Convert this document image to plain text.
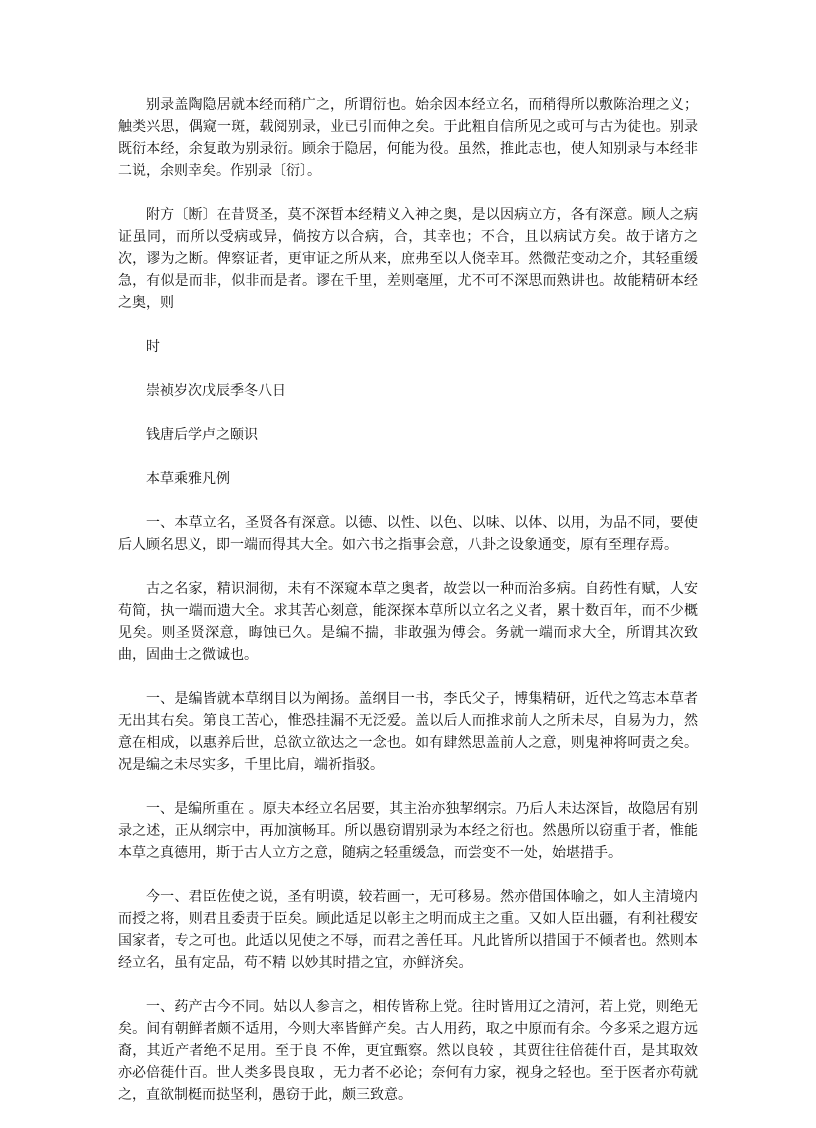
别录盖陶隐居就本经而稍广之，所谓衍也。始余因本经立名，而稍得所以敷陈治理之义；触类兴思，偶窥一斑，载阅别录，业已引而伸之矣。于此粗自信所见之或可与古为徒也。别录既衍本经，余复敢为别录衍。顾余于隐居，何能为役。虽然，推此志也，使人知别录与本经非二说，余则幸矣。作别录〔衍〕。

附方〔断〕在昔贤圣，莫不深晢本经精义入神之奥，是以因病立方，各有深意。顾人之病证虽同，而所以受病或异，倘按方以合病，合，其幸也；不合，且以病试方矣。故于诸方之次，谬为之断。俾察证者，更审证之所从来，庶弗至以人侥幸耳。然微茫变动之介，其轻重缓急，有似是而非，似非而是者。谬在千里，差则毫厘，尤不可不深思而熟讲也。故能精研本经之奥，则

时

崇祯岁次戊辰季冬八日

钱唐后学卢之颐识

本草乘雅凡例

一、本草立名，圣贤各有深意。以德、以性、以色、以味、以体、以用，为品不同，要使后人顾名思义，即一端而得其大全。如六书之指事会意，八卦之设象通变，原有至理存焉。

古之名家，精识洞彻，未有不深窥本草之奥者，故尝以一种而治多病。自药性有赋，人安苟简，执一端而遗大全。求其苦心刻意，能深探本草所以立名之义者，累十数百年，而不少概见矣。则圣贤深意，晦蚀已久。是编不揣，非敢强为傅会。务就一端而求大全，所谓其次致曲，固曲士之微诚也。

一、是编皆就本草纲目以为阐扬。盖纲目一书，李氏父子，博集精研，近代之笃志本草者无出其右矣。第良工苦心，惟恐挂漏不无泛爱。盖以后人而推求前人之所未尽，自易为力，然意在相成，以惠养后世，总欲立欲达之一念也。如有肆然思盖前人之意，则鬼神将呵责之矣。况是编之未尽实多，千里比肩，端祈指驳。

一、是编所重在 。原夫本经立名居要，其主治亦独挈纲宗。乃后人未达深旨，故隐居有别录之述，正从纲宗中，再加演畅耳。所以愚窃谓别录为本经之衍也。然愚所以窃重于者，惟能 本草之真德用，斯于古人立方之意，随病之轻重缓急，而尝变不一处，始堪措手。

今一、君臣佐使之说，圣有明谟，较若画一，无可移易。然亦借国体喻之，如人主清境内而授之将，则君且委责于臣矣。顾此适足以彰主之明而成主之重。又如人臣出疆，有利社稷安国家者，专之可也。此适以见使之不辱，而君之善任耳。凡此皆所以措国于不倾者也。然则本经立名，虽有定品，苟不精 以妙其时措之宜，亦鲜济矣。

一、药产古今不同。姑以人参言之，相传皆称上党。往时皆用辽之清河，若上党，则绝无矣。间有朝鲜者颇不适用，今则大率皆鲜产矣。古人用药，取之中原而有余。今多采之遐方远裔，其近产者绝不足用。至于良 不侔，更宜甄察。然以良较 ，其贾往往倍蓰什百，是其取效亦必倍蓰什百。世人类多畏良取 ，无力者不必论；奈何有力家，视身之轻也。至于医者亦苟就之，直欲制梃而挞坚利，愚窃于此，颇三致意。
